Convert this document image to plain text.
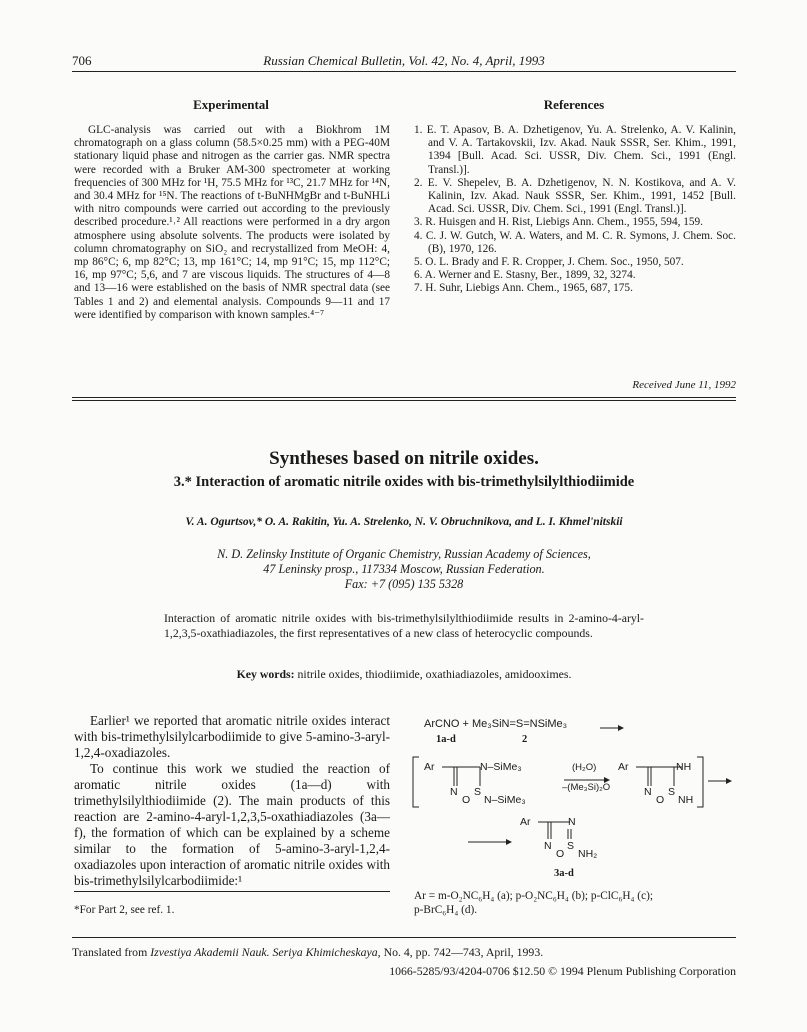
706	Russian Chemical Bulletin, Vol. 42, No. 4, April, 1993
Experimental

GLC-analysis was carried out with a Biokhrom 1M chromatograph on a glass column (58.5×0.25 mm) with a PEG-40M stationary liquid phase and nitrogen as the carrier gas. NMR spectra were recorded with a Bruker AM-300 spectrometer at working frequencies of 300 MHz for ¹H, 75.5 MHz for ¹³C, 21.7 MHz for ¹⁴N, and 30.4 MHz for ¹⁵N. The reactions of t-BuNHMgBr and t-BuNHLi with nitro compounds were carried out according to the previously described procedure.¹˒² All reactions were performed in a dry argon atmosphere using absolute solvents. The products were isolated by column chromatography on SiO₂ and recrystallized from MeOH: 4, mp 86°C; 6, mp 82°C; 13, mp 161°C; 14, mp 91°C; 15, mp 112°C; 16, mp 97°C; 5,6, and 7 are viscous liquids. The structures of 4—8 and 13—16 were established on the basis of NMR spectral data (see Tables 1 and 2) and elemental analysis. Compounds 9—11 and 17 were identified by comparison with known samples.⁴⁻⁷

References
1. E. T. Apasov, B. A. Dzhetigenov, Yu. A. Strelenko, A. V. Kalinin, and V. A. Tartakovskii, Izv. Akad. Nauk SSSR, Ser. Khim., 1991, 1394 [Bull. Acad. Sci. USSR, Div. Chem. Sci., 1991 (Engl. Transl.)].
2. E. V. Shepelev, B. A. Dzhetigenov, N. N. Kostikova, and A. V. Kalinin, Izv. Akad. Nauk SSSR, Ser. Khim., 1991, 1452 [Bull. Acad. Sci. USSR, Div. Chem. Sci., 1991 (Engl. Transl.)].
3. R. Huisgen and H. Rist, Liebigs Ann. Chem., 1955, 594, 159.
4. C. J. W. Gutch, W. A. Waters, and M. C. R. Symons, J. Chem. Soc. (B), 1970, 126.
5. O. L. Brady and F. R. Cropper, J. Chem. Soc., 1950, 507.
6. A. Werner and E. Stasny, Ber., 1899, 32, 3274.
7. H. Suhr, Liebigs Ann. Chem., 1965, 687, 175.
Received June 11, 1992
Syntheses based on nitrile oxides.
3.* Interaction of aromatic nitrile oxides with bis-trimethylsilylthiodiimide
V. A. Ogurtsov,* O. A. Rakitin, Yu. A. Strelenko, N. V. Obruchnikova, and L. I. Khmel'nitskii
N. D. Zelinsky Institute of Organic Chemistry, Russian Academy of Sciences,
47 Leninsky prosp., 117334 Moscow, Russian Federation.
Fax: +7 (095) 135 5328
Interaction of aromatic nitrile oxides with bis-trimethylsilylthiodiimide results in 2-amino-4-aryl-1,2,3,5-oxathiadiazoles, the first representatives of a new class of heterocyclic compounds.
Key words: nitrile oxides, thiodiimide, oxathiadiazoles, amidooximes.

Earlier¹ we reported that aromatic nitrile oxides interact with bis-trimethylsilylcarbodiimide to give 5-amino-3-aryl-1,2,4-oxadiazoles.

To continue this work we studied the reaction of aromatic nitrile oxides (1a—d) with trimethylsilylthiodiimide (2). The main products of this reaction are 2-amino-4-aryl-1,2,3,5-oxathiadiazoles (3a—f), the formation of which can be explained by a scheme similar to the formation of 5-amino-3-aryl-1,2,4-oxadiazoles upon interaction of aromatic nitrile oxides with bis-trimethylsilylcarbodiimide:¹

*For Part 2, see ref. 1.
ArCNO + Me₃SiN=S=NSiMe₃
1a-d	2
Ar	N–SiMe₃
N
O
S
N–SiMe₃
(H₂O)
–(Me₃Si)₂O
Ar	NH
N
O
S
NH
Ar	N
N
O
S
NH₂
3a-d
Ar = m-O₂NC₆H₄ (a); p-O₂NC₆H₄ (b); p-ClC₆H₄ (c);
p-BrC₆H₄ (d).
Translated from Izvestiya Akademii Nauk. Seriya Khimicheskaya, No. 4, pp. 742—743, April, 1993.
1066-5285/93/4204-0706 $12.50 © 1994 Plenum Publishing Corporation
